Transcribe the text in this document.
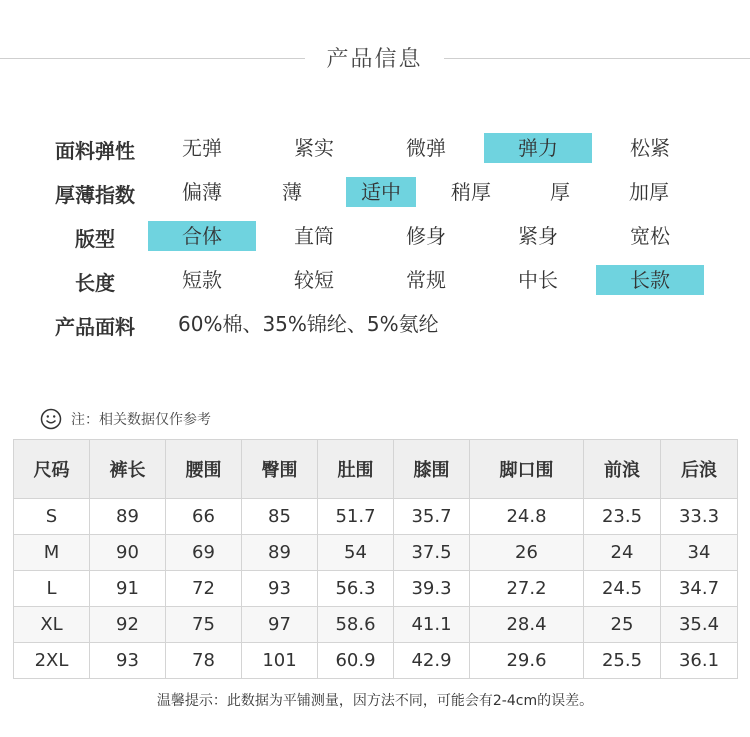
产品信息
面料弹性	无弹	紧实	微弹	弹力	松紧
厚薄指数	偏薄	薄	适中	稍厚	厚	加厚
版型	合体	直筒	修身	紧身	宽松
长度	短款	较短	常规	中长	长款
产品面料	60%棉、35%锦纶、5%氨纶
注：相关数据仅作参考
尺码	裤长	腰围	臀围	肚围	膝围	脚口围	前浪	后浪
S	89	66	85	51.7	35.7	24.8	23.5	33.3
M	90	69	89	54	37.5	26	24	34
L	91	72	93	56.3	39.3	27.2	24.5	34.7
XL	92	75	97	58.6	41.1	28.4	25	35.4
2XL	93	78	101	60.9	42.9	29.6	25.5	36.1
温馨提示：此数据为平铺测量，因方法不同，可能会有2-4cm的误差。
